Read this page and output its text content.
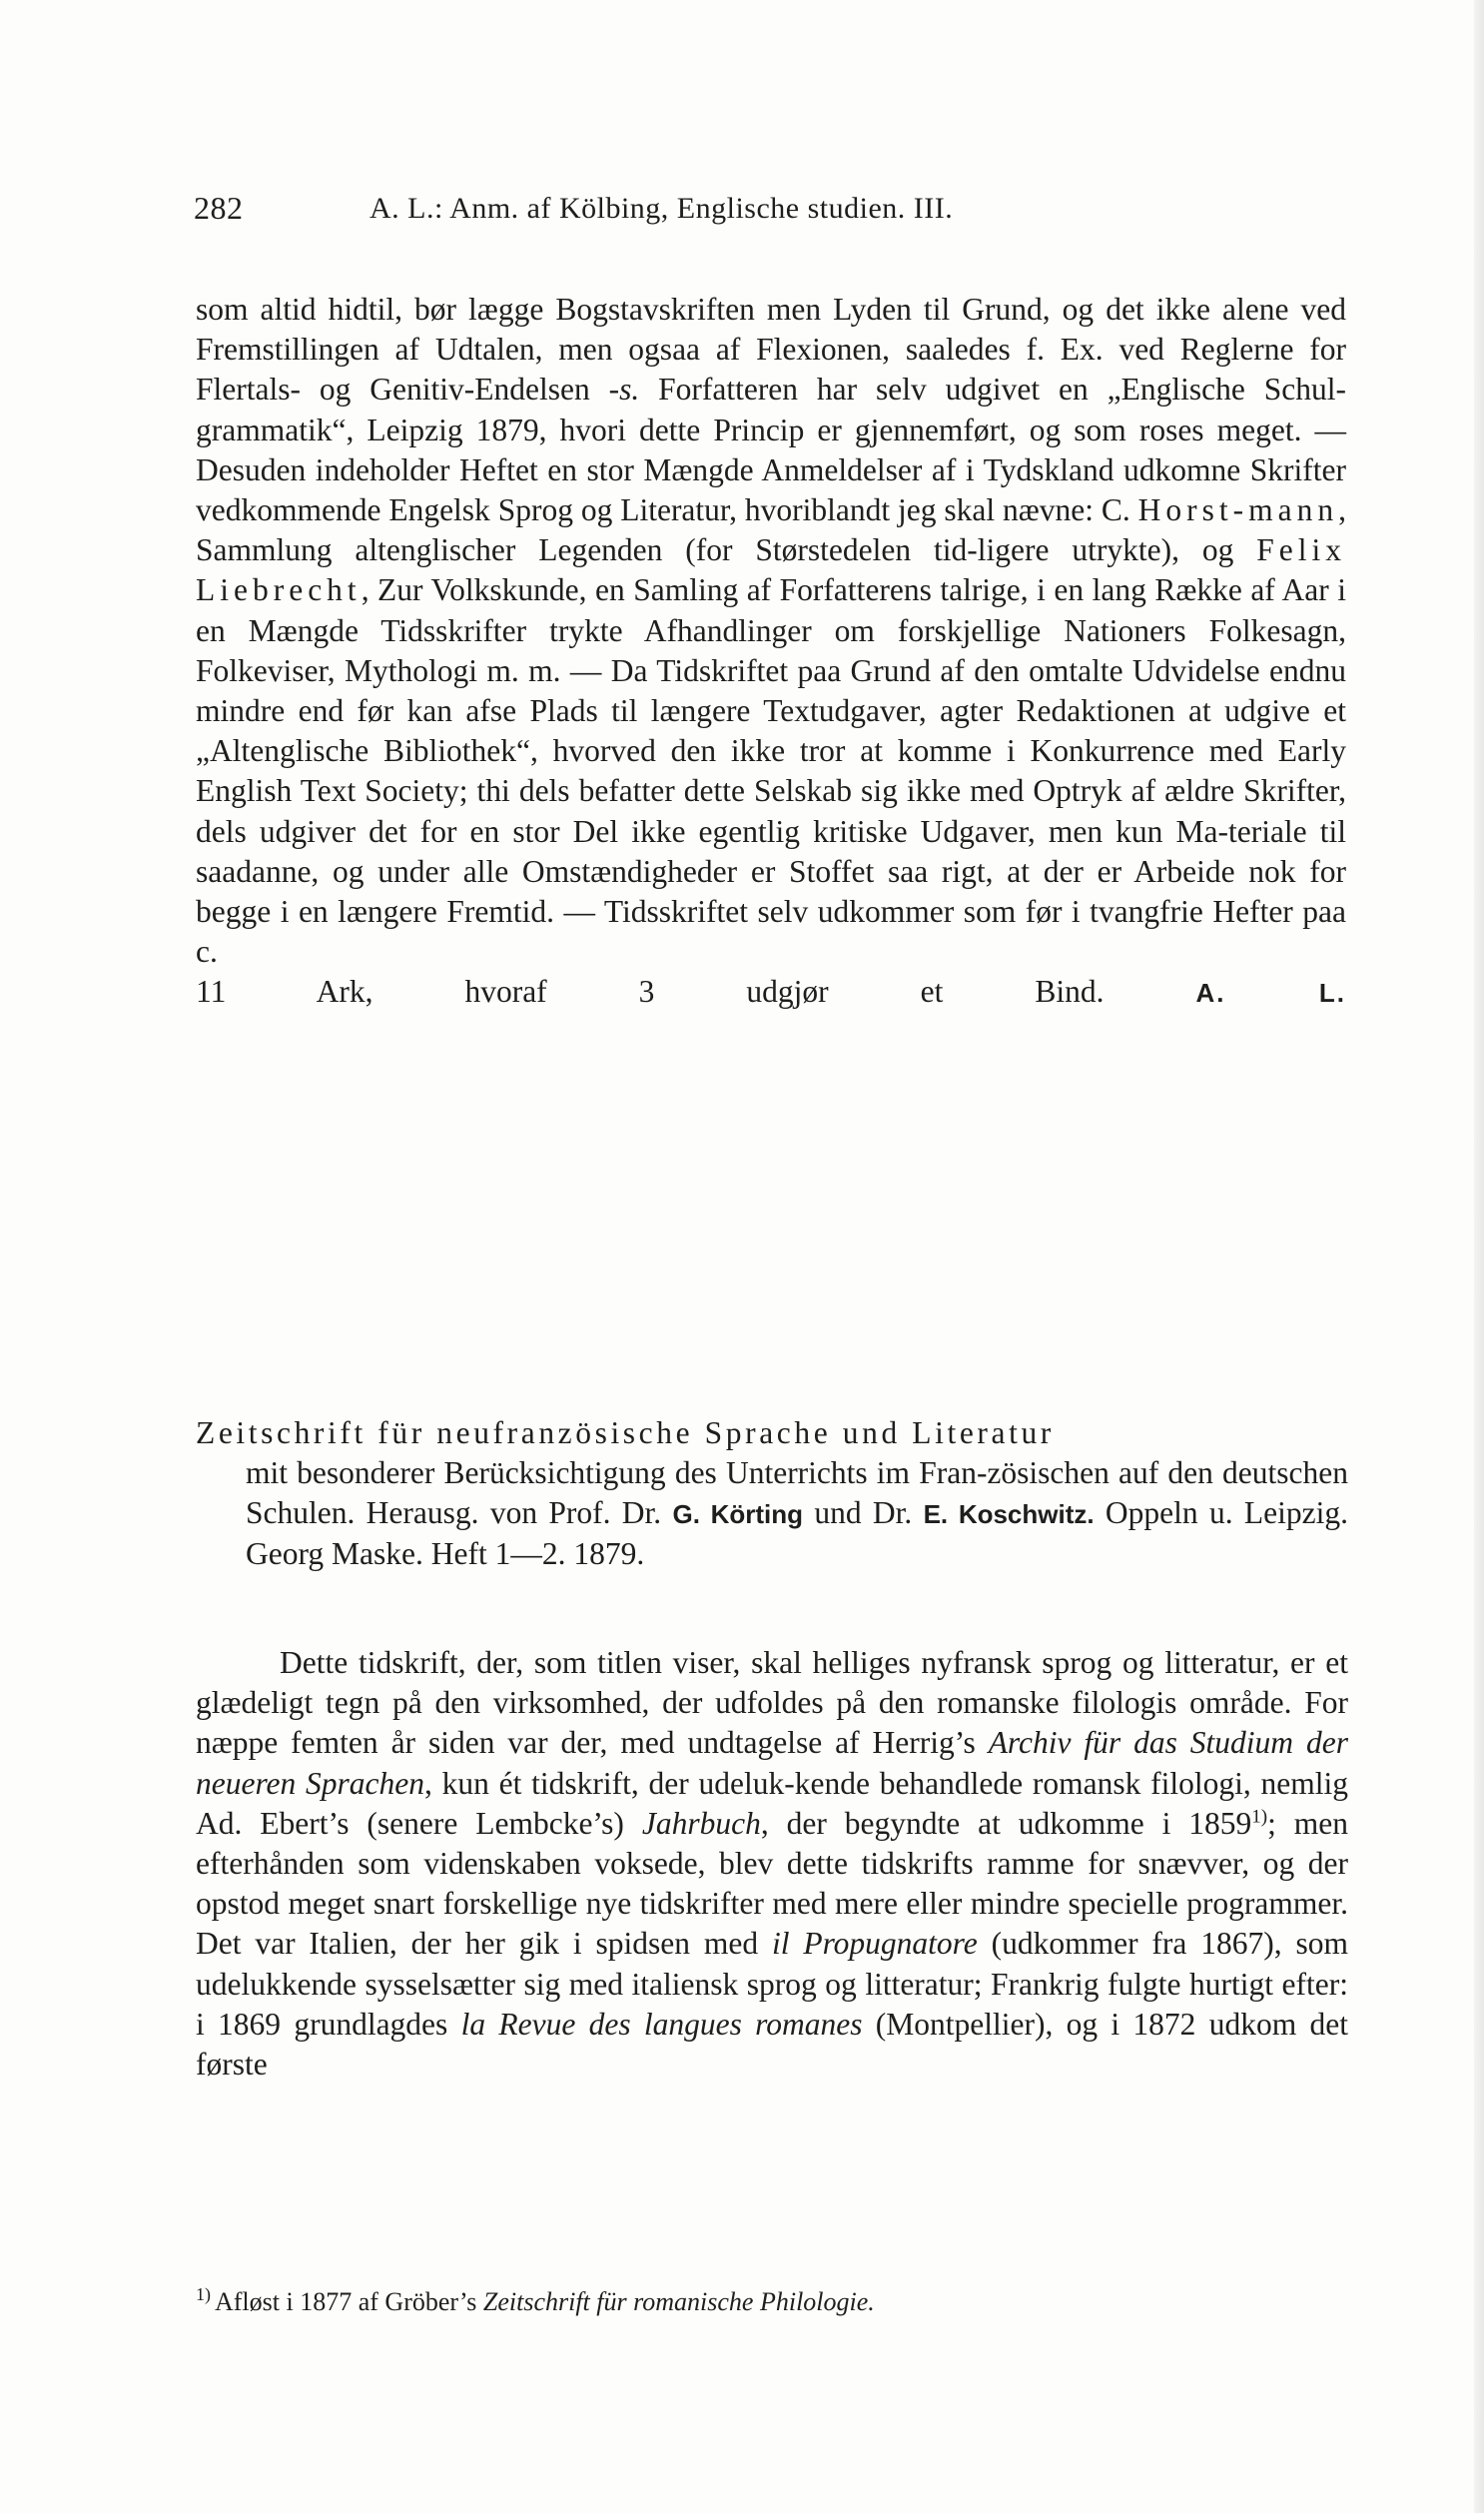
282	A. L.: Anm. af Kölbing, Englische studien. III.

som altid hidtil, bør lægge Bogstavskriften men Lyden til Grund, og det ikke alene ved Fremstillingen af Udtalen, men ogsaa af Flexionen, saaledes f. Ex. ved Reglerne for Flertals- og Genitiv-Endelsen -s. Forfatteren har selv udgivet en „Englische Schul-grammatik“, Leipzig 1879, hvori dette Princip er gjennemført, og som roses meget. — Desuden indeholder Heftet en stor Mængde Anmeldelser af i Tydskland udkomne Skrifter vedkommende Engelsk Sprog og Literatur, hvoriblandt jeg skal nævne: C. Horst-mann, Sammlung altenglischer Legenden (for Størstedelen tid-ligere utrykte), og Felix Liebrecht, Zur Volkskunde, en Samling af Forfatterens talrige, i en lang Række af Aar i en Mængde Tidsskrifter trykte Afhandlinger om forskjellige Nationers Folkesagn, Folkeviser, Mythologi m. m. — Da Tidskriftet paa Grund af den omtalte Udvidelse endnu mindre end før kan afse Plads til længere Textudgaver, agter Redaktionen at udgive et „Altenglische Bibliothek“, hvorved den ikke tror at komme i Konkurrence med Early English Text Society; thi dels befatter dette Selskab sig ikke med Optryk af ældre Skrifter, dels udgiver det for en stor Del ikke egentlig kritiske Udgaver, men kun Ma-teriale til saadanne, og under alle Omstændigheder er Stoffet saa rigt, at der er Arbeide nok for begge i en længere Fremtid. — Tidsskriftet selv udkommer som før i tvangfrie Hefter paa c.

11 Ark, hvoraf 3 udgjør et Bind.	A. L.

Zeitschrift für neufranzösische Sprache und Literatur
mit besonderer Berücksichtigung des Unterrichts im Fran-zösischen auf den deutschen Schulen. Herausg. von Prof. Dr. G. Körting und Dr. E. Koschwitz. Oppeln u. Leipzig. Georg Maske. Heft 1—2. 1879.

Dette tidskrift, der, som titlen viser, skal helliges nyfransk sprog og litteratur, er et glædeligt tegn på den virksomhed, der udfoldes på den romanske filologis område. For næppe femten år siden var der, med undtagelse af Herrig’s Archiv für das Studium der neueren Sprachen, kun ét tidskrift, der udeluk-kende behandlede romansk filologi, nemlig Ad. Ebert’s (senere Lembcke’s) Jahrbuch, der begyndte at udkomme i 1859$^{1)}$; men efterhånden som videnskaben voksede, blev dette tidskrifts ramme for snævver, og der opstod meget snart forskellige nye tidskrifter med mere eller mindre specielle programmer. Det var Italien, der her gik i spidsen med il Propugnatore (udkommer fra 1867), som udelukkende sysselsætter sig med italiensk sprog og litteratur; Frankrig fulgte hurtigt efter: i 1869 grundlagdes la Revue des langues romanes (Montpellier), og i 1872 udkom det første

$^{1)}$ Afløst i 1877 af Gröber’s Zeitschrift für romanische Philologie.
